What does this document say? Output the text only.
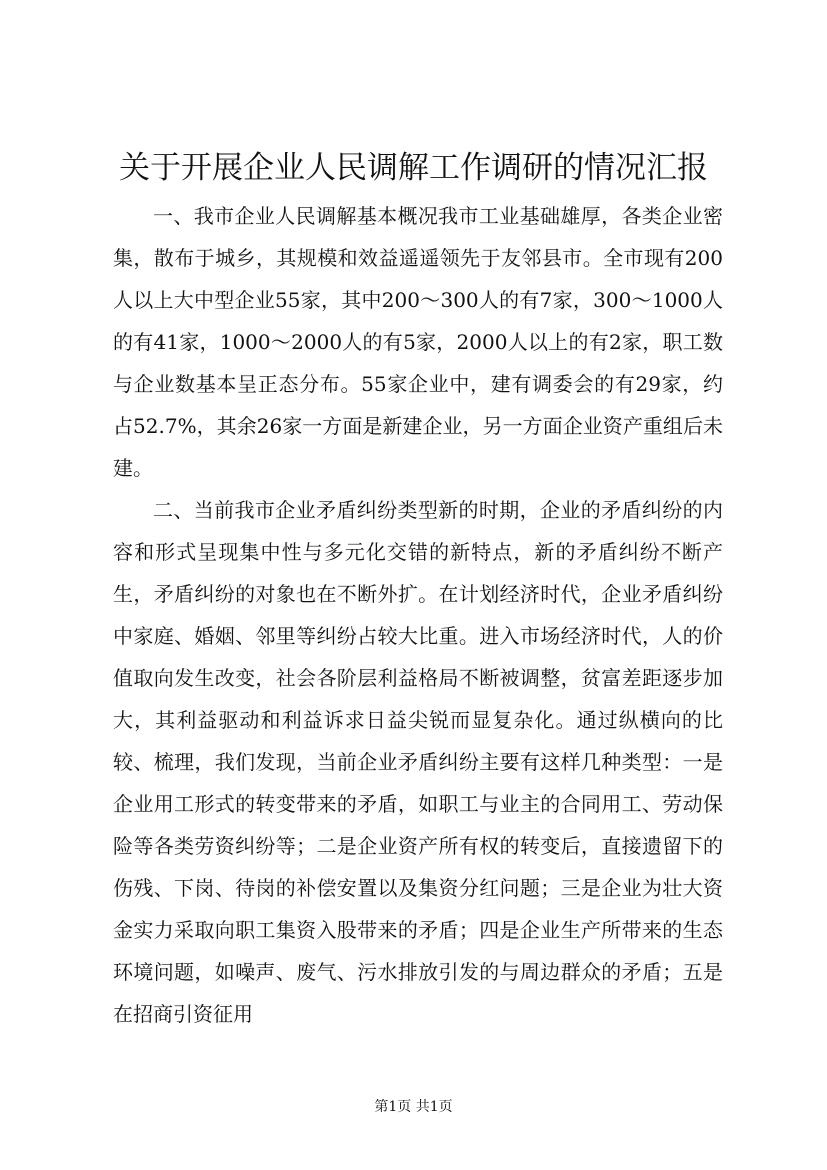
关于开展企业人民调解工作调研的情况汇报

一、我市企业人民调解基本概况我市工业基础雄厚，各类企业密集，散布于城乡，其规模和效益遥遥领先于友邻县市。全市现有200人以上大中型企业55家，其中200～300人的有7家，300～1000人的有41家，1000～2000人的有5家，2000人以上的有2家，职工数与企业数基本呈正态分布。55家企业中，建有调委会的有29家，约占52.7%，其余26家一方面是新建企业，另一方面企业资产重组后未建。

二、当前我市企业矛盾纠纷类型新的时期，企业的矛盾纠纷的内容和形式呈现集中性与多元化交错的新特点，新的矛盾纠纷不断产生，矛盾纠纷的对象也在不断外扩。在计划经济时代，企业矛盾纠纷中家庭、婚姻、邻里等纠纷占较大比重。进入市场经济时代，人的价值取向发生改变，社会各阶层利益格局不断被调整，贫富差距逐步加大，其利益驱动和利益诉求日益尖锐而显复杂化。通过纵横向的比较、梳理，我们发现，当前企业矛盾纠纷主要有这样几种类型：一是企业用工形式的转变带来的矛盾，如职工与业主的合同用工、劳动保险等各类劳资纠纷等；二是企业资产所有权的转变后，直接遗留下的伤残、下岗、待岗的补偿安置以及集资分红问题；三是企业为壮大资金实力采取向职工集资入股带来的矛盾；四是企业生产所带来的生态环境问题，如噪声、废气、污水排放引发的与周边群众的矛盾；五是在招商引资征用

第1页 共1页
